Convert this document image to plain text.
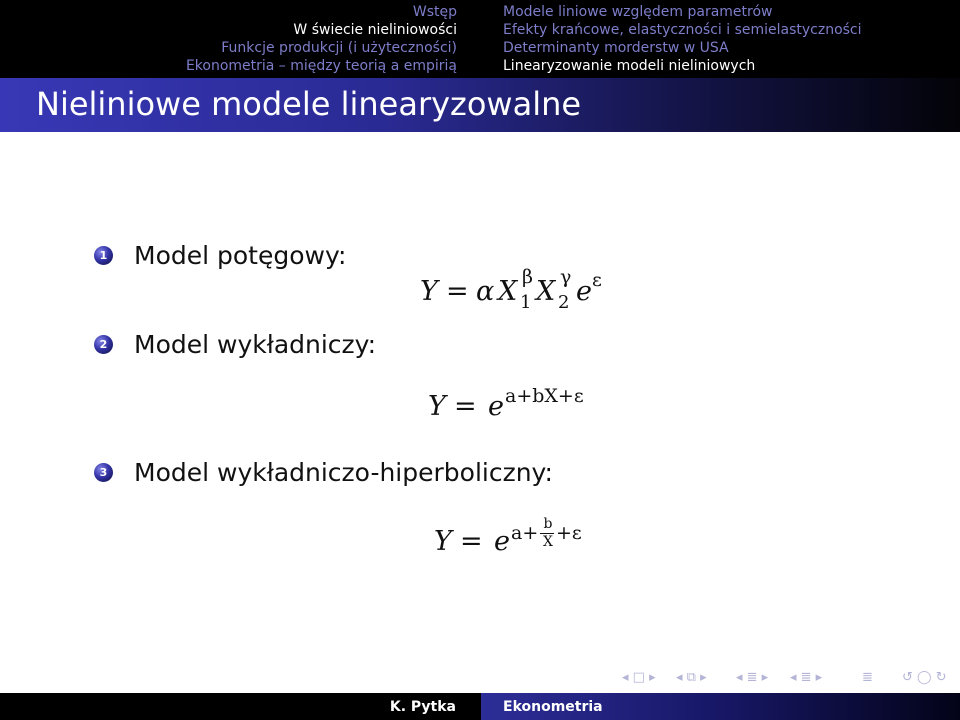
Wstęp
W świecie nieliniowości
Funkcje produkcji (i użyteczności)
Ekonometria – między teorią a empirią
Modele liniowe względem parametrów
Efekty krańcowe, elastyczności i semielastyczności
Determinanty morderstw w USA
Linearyzowanie modeli nieliniowych
Nieliniowe modele linearyzowalne
1 Model potęgowy:
Y = α X β
1 X γ
2 e ε
2 Model wykładniczy:
Y = e a+bX+ε
3 Model wykładniczo-hiperboliczny:
Y = e a+ b
X +ε
◂ □ ▸ ◂ ⧉ ▸ ◂ ≣ ▸ ◂ ≣ ▸	≣ ↺ ◯ ↻
K. Pytka	Ekonometria
